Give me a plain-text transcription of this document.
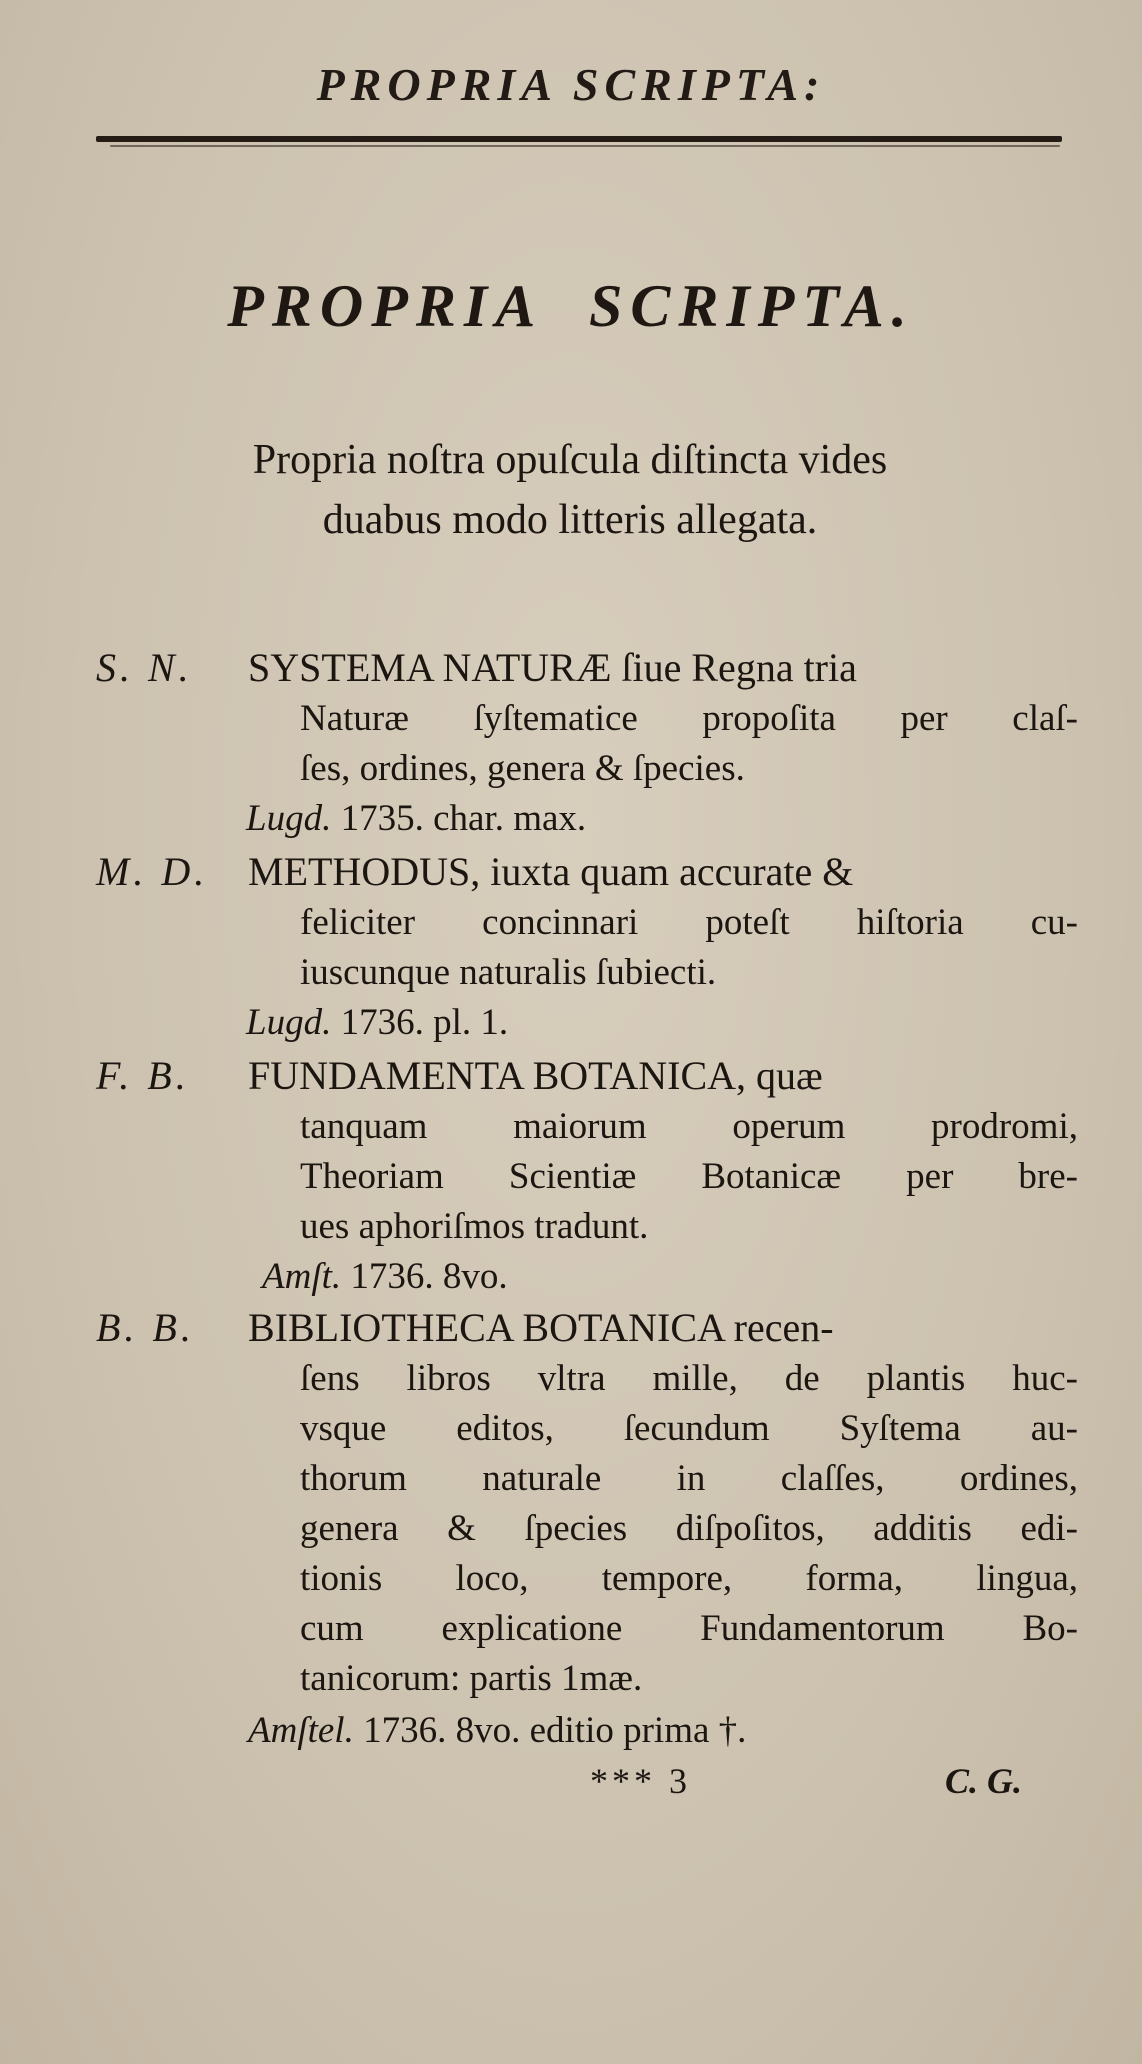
PROPRIA SCRIPTA:
PROPRIA SCRIPTA.
Propria noſtra opuſcula diſtincta vides
duabus modo litteris allegata.
S. N.	SYSTEMA NATURÆ ſiue Regna tria
Naturæ ſyſtematice propoſita per claſ-
ſes, ordines, genera & ſpecies.
Lugd. 1735. char. max.
M. D. METHODUS, iuxta quam accurate &
feliciter concinnari poteſt hiſtoria cu-
iuscunque naturalis ſubiecti.
Lugd. 1736. pl. 1.
F. B.	FUNDAMENTA BOTANICA, quæ
tanquam maiorum operum prodromi,
Theoriam Scientiæ Botanicæ per bre-
ues aphoriſmos tradunt.
Amſt. 1736. 8vo.
B. B.	BIBLIOTHECA BOTANICA recen-
ſens libros vltra mille, de plantis huc-
vsque editos, ſecundum Syſtema au-
thorum naturale in claſſes, ordines,
genera & ſpecies diſpoſitos, additis edi-
tionis loco, tempore, forma, lingua,
cum explicatione Fundamentorum Bo-
tanicorum: partis 1mæ.
Amſtel. 1736. 8vo. editio prima †.
*** 3	C. G.
